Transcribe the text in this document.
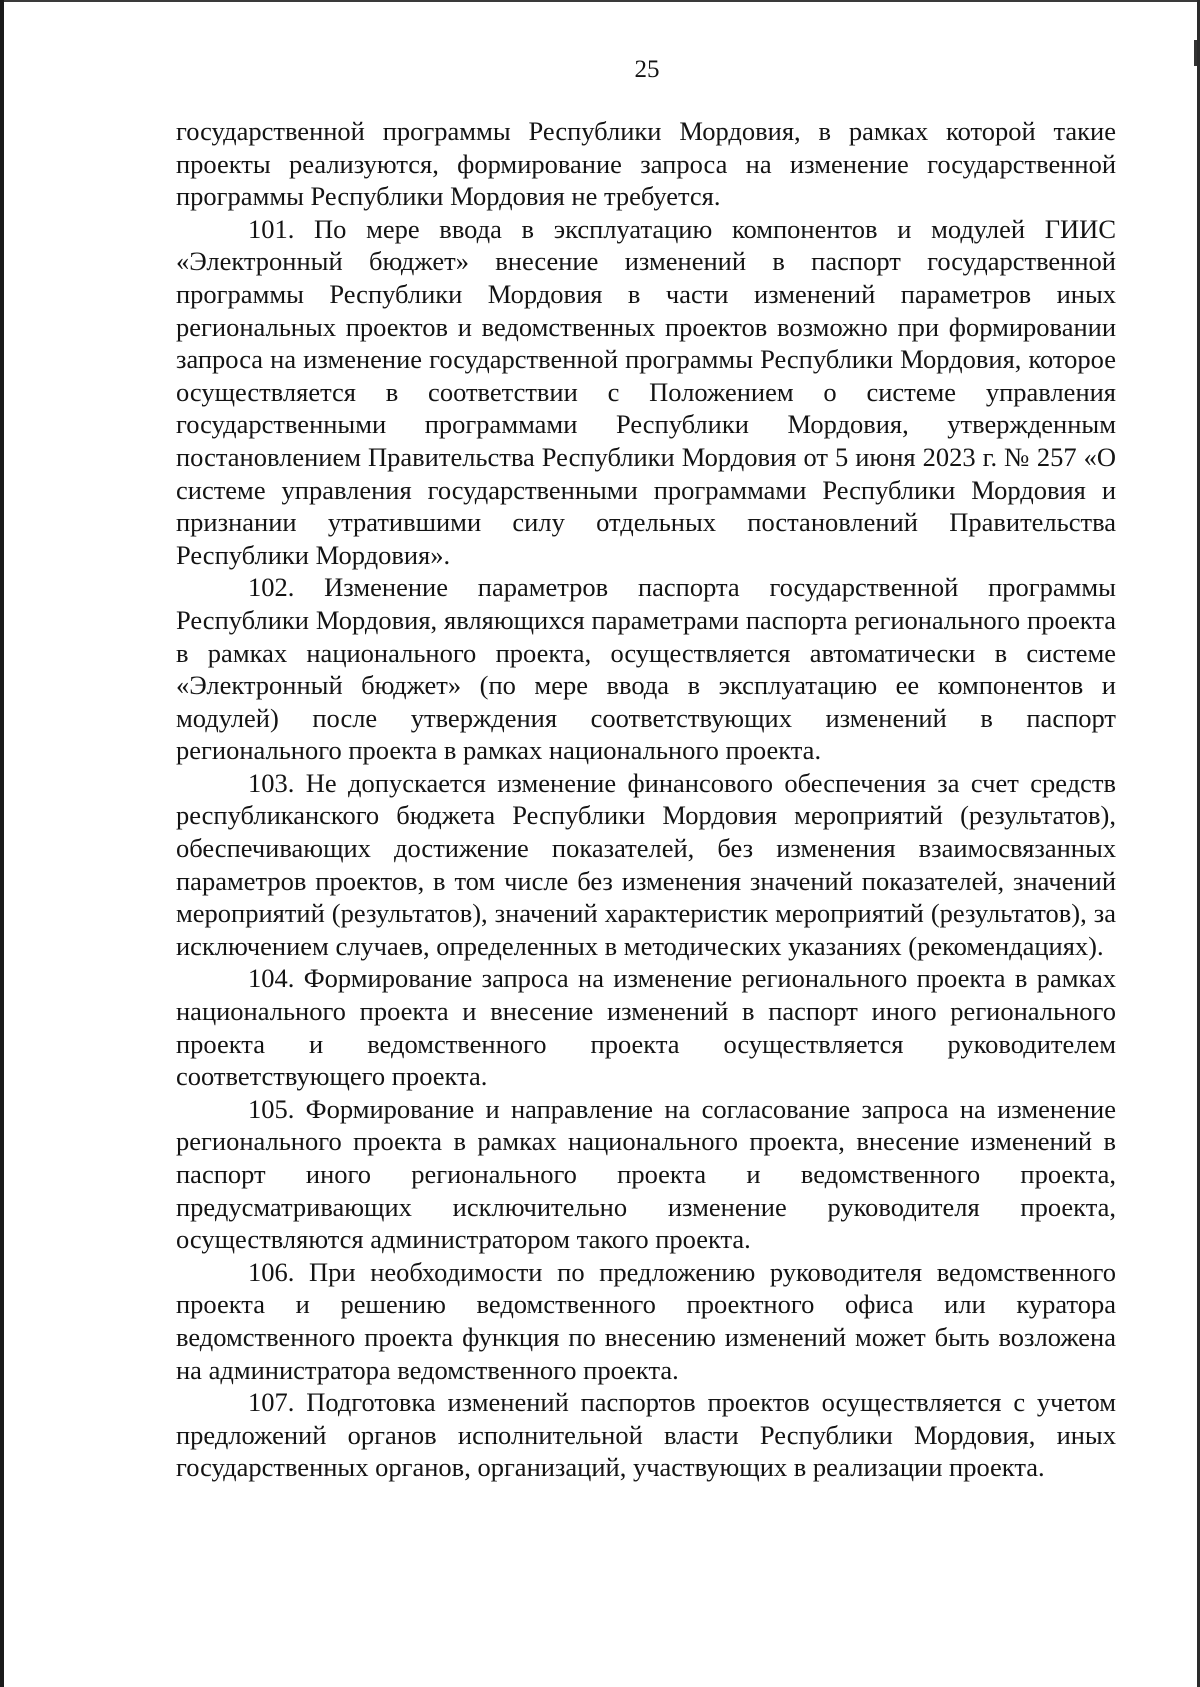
25

государственной программы Республики Мордовия, в рамках которой такие проекты реализуются, формирование запроса на изменение государственной программы Республики Мордовия не требуется.

101. По мере ввода в эксплуатацию компонентов и модулей ГИИС «Электронный бюджет» внесение изменений в паспорт государственной программы Республики Мордовия в части изменений параметров иных региональных проектов и ведомственных проектов возможно при формировании запроса на изменение государственной программы Республики Мордовия, которое осуществляется в соответствии с Положением о системе управления государственными программами Республики Мордовия, утвержденным постановлением Правительства Республики Мордовия от 5 июня 2023 г. № 257 «О системе управления государственными программами Республики Мордовия и признании утратившими силу отдельных постановлений Правительства Республики Мордовия».

102. Изменение параметров паспорта государственной программы Республики Мордовия, являющихся параметрами паспорта регионального проекта в рамках национального проекта, осуществляется автоматически в системе «Электронный бюджет» (по мере ввода в эксплуатацию ее компонентов и модулей) после утверждения соответствующих изменений в паспорт регионального проекта в рамках национального проекта.

103. Не допускается изменение финансового обеспечения за счет средств республиканского бюджета Республики Мордовия мероприятий (результатов), обеспечивающих достижение показателей, без изменения взаимосвязанных параметров проектов, в том числе без изменения значений показателей, значений мероприятий (результатов), значений характеристик мероприятий (результатов), за исключением случаев, определенных в методических указаниях (рекомендациях).

104. Формирование запроса на изменение регионального проекта в рамках национального проекта и внесение изменений в паспорт иного регионального проекта и ведомственного проекта осуществляется руководителем соответствующего проекта.

105. Формирование и направление на согласование запроса на изменение регионального проекта в рамках национального проекта, внесение изменений в паспорт иного регионального проекта и ведомственного проекта, предусматривающих исключительно изменение руководителя проекта, осуществляются администратором такого проекта.

106. При необходимости по предложению руководителя ведомственного проекта и решению ведомственного проектного офиса или куратора ведомственного проекта функция по внесению изменений может быть возложена на администратора ведомственного проекта.

107. Подготовка изменений паспортов проектов осуществляется с учетом предложений органов исполнительной власти Республики Мордовия, иных государственных органов, организаций, участвующих в реализации проекта.
